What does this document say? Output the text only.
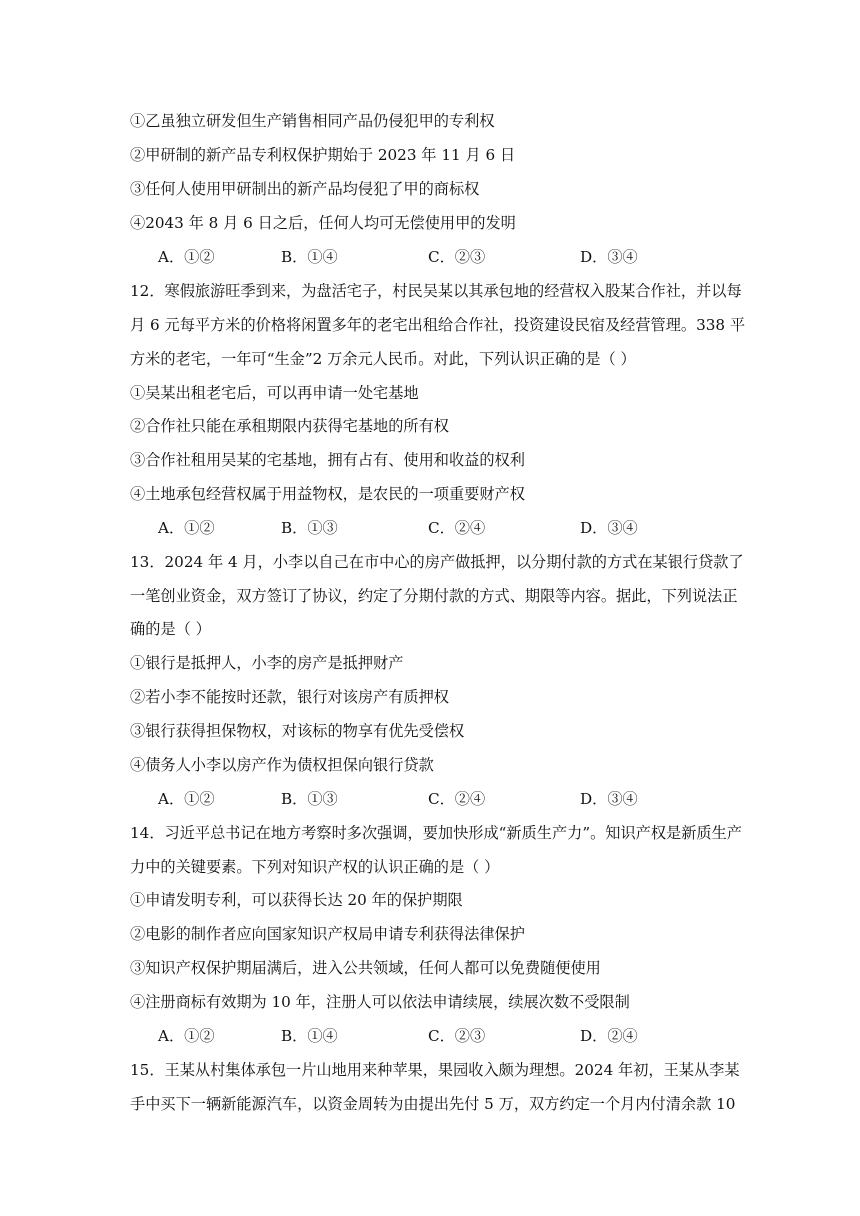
①乙虽独立研发但生产销售相同产品仍侵犯甲的专利权
②甲研制的新产品专利权保护期始于 2023 年 11 月 6 日
③任何人使用甲研制出的新产品均侵犯了甲的商标权
④2043 年 8 月 6 日之后，任何人均可无偿使用甲的发明
A．①②	B．①④	C．②③	D．③④
12．寒假旅游旺季到来，为盘活宅子，村民吴某以其承包地的经营权入股某合作社，并以每
月 6 元每平方米的价格将闲置多年的老宅出租给合作社，投资建设民宿及经营管理。338 平
方米的老宅，一年可“生金”2 万余元人民币。对此，下列认识正确的是（ ）
①吴某出租老宅后，可以再申请一处宅基地
②合作社只能在承租期限内获得宅基地的所有权
③合作社租用吴某的宅基地，拥有占有、使用和收益的权利
④土地承包经营权属于用益物权，是农民的一项重要财产权
A．①②	B．①③	C．②④	D．③④
13．2024 年 4 月，小李以自己在市中心的房产做抵押，以分期付款的方式在某银行贷款了
一笔创业资金，双方签订了协议，约定了分期付款的方式、期限等内容。据此，下列说法正
确的是（ ）
①银行是抵押人，小李的房产是抵押财产
②若小李不能按时还款，银行对该房产有质押权
③银行获得担保物权，对该标的物享有优先受偿权
④债务人小李以房产作为债权担保向银行贷款
A．①②	B．①③	C．②④	D．③④
14．习近平总书记在地方考察时多次强调，要加快形成“新质生产力”。知识产权是新质生产
力中的关键要素。下列对知识产权的认识正确的是（ ）
①申请发明专利，可以获得长达 20 年的保护期限
②电影的制作者应向国家知识产权局申请专利获得法律保护
③知识产权保护期届满后，进入公共领域，任何人都可以免费随便使用
④注册商标有效期为 10 年，注册人可以依法申请续展，续展次数不受限制
A．①②	B．①④	C．②③	D．②④
15．王某从村集体承包一片山地用来种苹果，果园收入颇为理想。2024 年初，王某从李某
手中买下一辆新能源汽车，以资金周转为由提出先付 5 万，双方约定一个月内付清余款 10
